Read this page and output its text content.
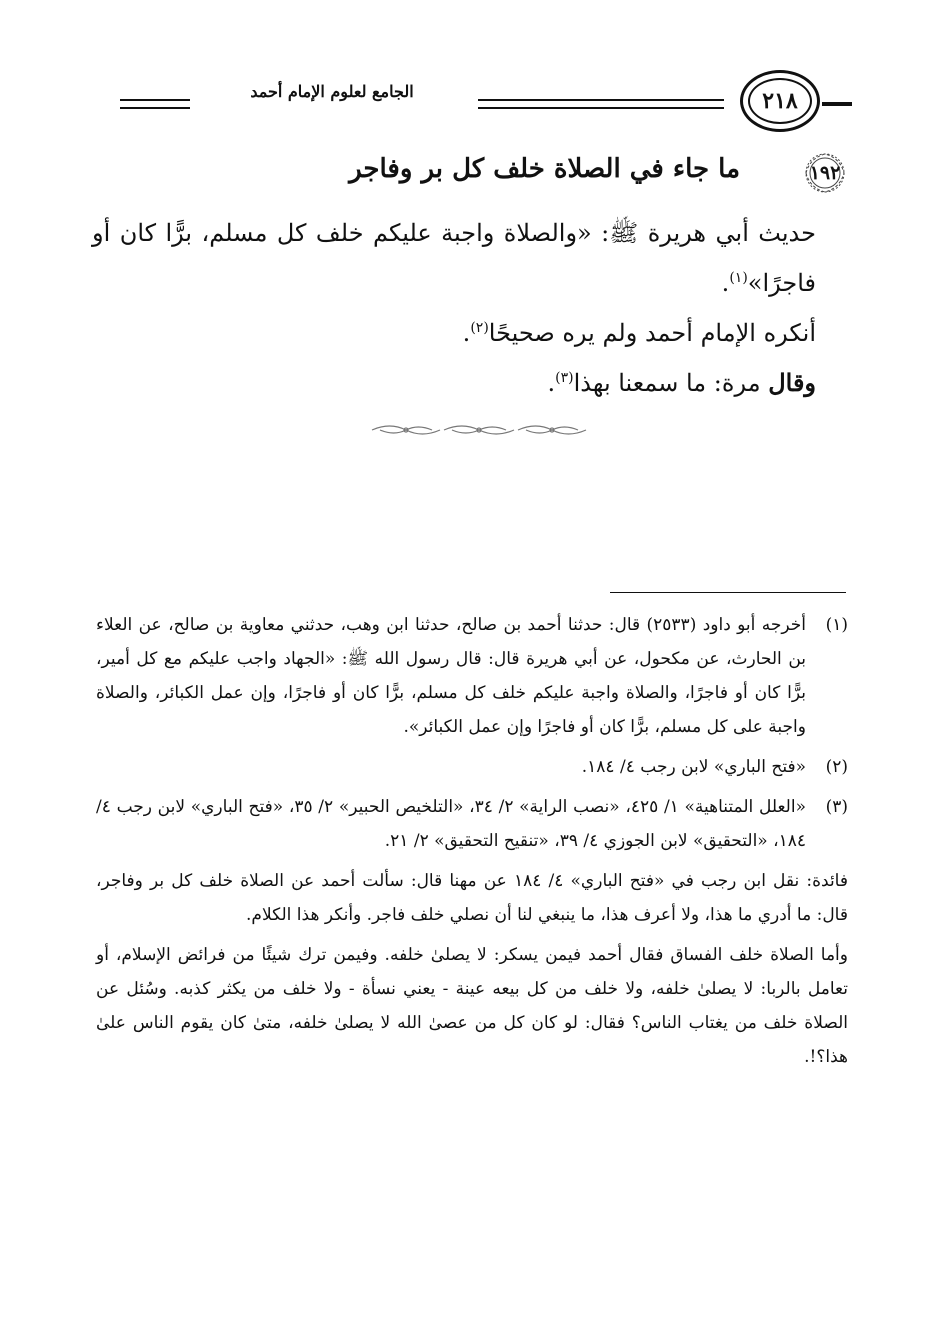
الجامع لعلوم الإمام أحمد	٢١٨
١٩٢
ما جاء في الصلاة خلف كل بر وفاجر

حديث أبي هريرة ﷺ: «والصلاة واجبة عليكم خلف كل مسلم، برًّا كان أو فاجرًا»$^{(١)}$.

أنكره الإمام أحمد ولم يره صحيحًا$^{(٢)}$.

وقال مرة: ما سمعنا بهذا$^{(٣)}$.

(١)
أخرجه أبو داود (٢٥٣٣) قال: حدثنا أحمد بن صالح، حدثنا ابن وهب، حدثني معاوية بن صالح، عن العلاء بن الحارث، عن مكحول، عن أبي هريرة قال: قال رسول الله ﷺ: «الجهاد واجب عليكم مع كل أمير، برًّا كان أو فاجرًا، والصلاة واجبة عليكم خلف كل مسلم، برًّا كان أو فاجرًا، وإن عمل الكبائر، والصلاة واجبة على كل مسلم، برًّا كان أو فاجرًا وإن عمل الكبائر».
(٢)
«فتح الباري» لابن رجب ٤/ ١٨٤.
(٣)
«العلل المتناهية» ١/ ٤٢٥، «نصب الراية» ٢/ ٣٤، «التلخيص الحبير» ٢/ ٣٥، «فتح الباري» لابن رجب ٤/ ١٨٤، «التحقيق» لابن الجوزي ٤/ ٣٩، «تنقيح التحقيق» ٢/ ٢١.

فائدة: نقل ابن رجب في «فتح الباري» ٤/ ١٨٤ عن مهنا قال: سألت أحمد عن الصلاة خلف كل بر وفاجر، قال: ما أدري ما هذا، ولا أعرف هذا، ما ينبغي لنا أن نصلي خلف فاجر. وأنكر هذا الكلام.

وأما الصلاة خلف الفساق فقال أحمد فيمن يسكر: لا يصلىٰ خلفه. وفيمن ترك شيئًا من فرائض الإسلام، أو تعامل بالربا: لا يصلىٰ خلفه، ولا خلف من كل بيعه عينة - يعني نسأة - ولا خلف من يكثر كذبه. وسُئل عن الصلاة خلف من يغتاب الناس؟ فقال: لو كان كل من عصىٰ الله لا يصلىٰ خلفه، متىٰ كان يقوم الناس علىٰ هذا؟!.
